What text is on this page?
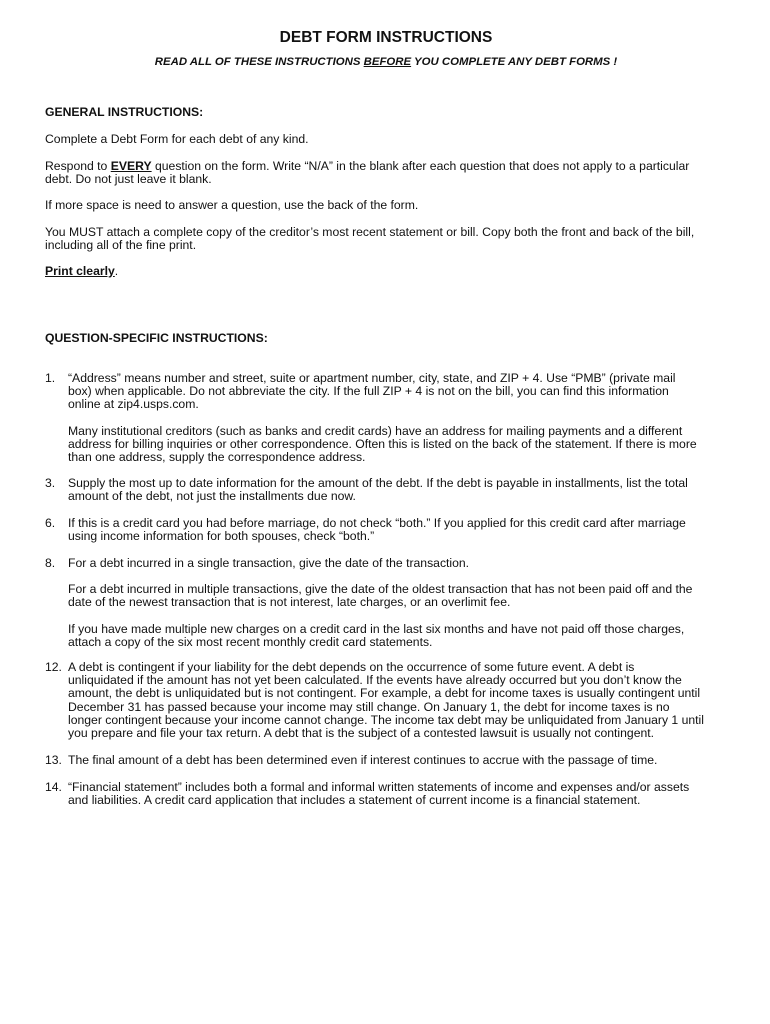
DEBT FORM INSTRUCTIONS

READ ALL OF THESE INSTRUCTIONS BEFORE YOU COMPLETE ANY DEBT FORMS !

GENERAL INSTRUCTIONS:

Complete a Debt Form for each debt of any kind.

Respond to EVERY question on the form. Write “N/A” in the blank after each question that does not apply to a particular
debt. Do not just leave it blank.

If more space is need to answer a question, use the back of the form.

You MUST attach a complete copy of the creditor’s most recent statement or bill. Copy both the front and back of the bill,
including all of the fine print.

Print clearly.

QUESTION-SPECIFIC INSTRUCTIONS:

1.	“Address” means number and street, suite or apartment number, city, state, and ZIP + 4. Use “PMB” (private mail
box) when applicable. Do not abbreviate the city. If the full ZIP + 4 is not on the bill, you can find this information
online at zip4.usps.com.
Many institutional creditors (such as banks and credit cards) have an address for mailing payments and a different
address for billing inquiries or other correspondence. Often this is listed on the back of the statement. If there is more
than one address, supply the correspondence address.
3.	Supply the most up to date information for the amount of the debt. If the debt is payable in installments, list the total
amount of the debt, not just the installments due now.
6.	If this is a credit card you had before marriage, do not check “both.” If you applied for this credit card after marriage
using income information for both spouses, check “both.”
8.	For a debt incurred in a single transaction, give the date of the transaction.
For a debt incurred in multiple transactions, give the date of the oldest transaction that has not been paid off and the
date of the newest transaction that is not interest, late charges, or an overlimit fee.
If you have made multiple new charges on a credit card in the last six months and have not paid off those charges,
attach a copy of the six most recent monthly credit card statements.
12. A debt is contingent if your liability for the debt depends on the occurrence of some future event. A debt is
unliquidated if the amount has not yet been calculated. If the events have already occurred but you don’t know the
amount, the debt is unliquidated but is not contingent. For example, a debt for income taxes is usually contingent until
December 31 has passed because your income may still change. On January 1, the debt for income taxes is no
longer contingent because your income cannot change. The income tax debt may be unliquidated from January 1 until
you prepare and file your tax return. A debt that is the subject of a contested lawsuit is usually not contingent.
13. The final amount of a debt has been determined even if interest continues to accrue with the passage of time.
14. “Financial statement” includes both a formal and informal written statements of income and expenses and/or assets
and liabilities. A credit card application that includes a statement of current income is a financial statement.
